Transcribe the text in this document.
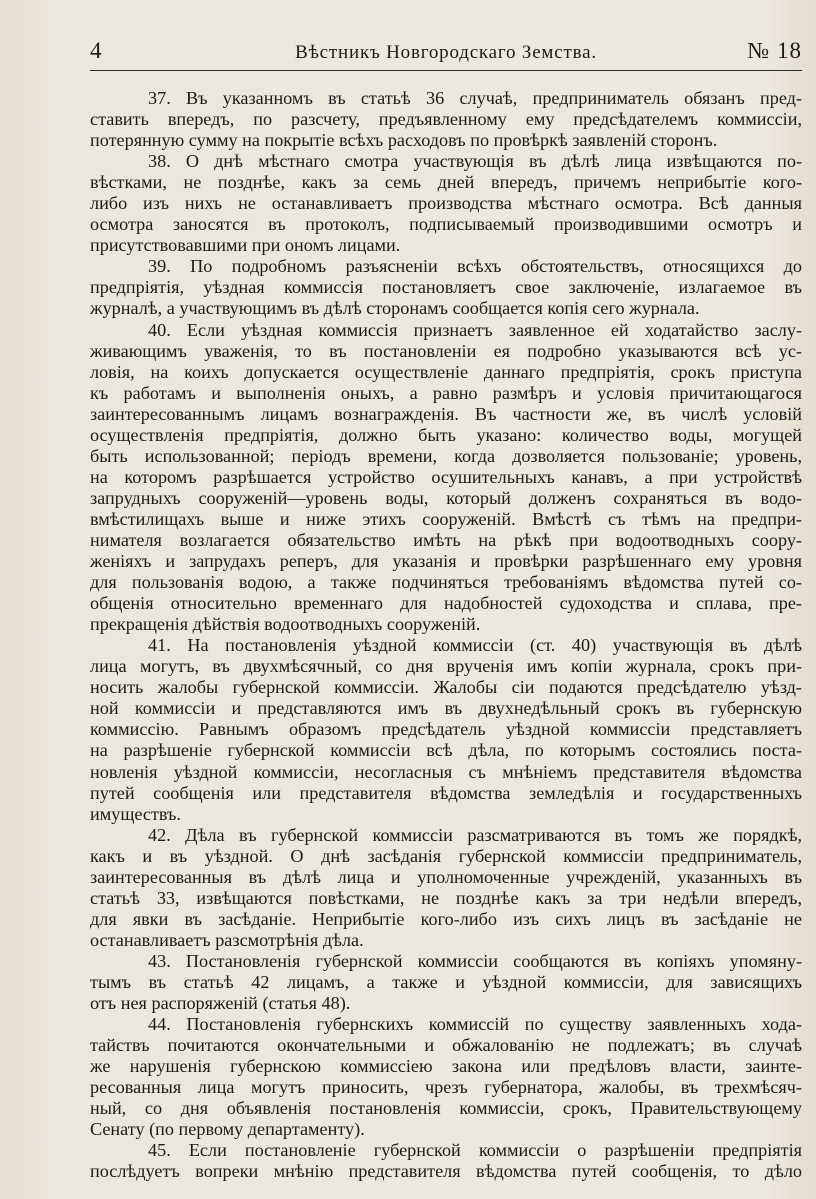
4	Вѣстникъ Новгородскаго Земства.	№ 18

37. Въ указанномъ въ статьѣ 36 случаѣ, предприниматель обязанъ пред-
ставить впередъ, по разсчету, предъявленному ему предсѣдателемъ коммиссіи,
потерянную сумму на покрытіе всѣхъ расходовъ по провѣркѣ заявленій сторонъ.

38. О днѣ мѣстнаго смотра участвующія въ дѣлѣ лица извѣщаются по-
вѣстками, не позднѣе, какъ за семь дней впередъ, причемъ неприбытіе кого-
либо изъ нихъ не останавливаетъ производства мѣстнаго осмотра. Всѣ данныя
осмотра заносятся въ протоколъ, подписываемый производившими осмотръ и
присутствовавшими при ономъ лицами.

39. По подробномъ разъясненіи всѣхъ обстоятельствъ, относящихся до
предпріятія, уѣздная коммиссія постановляетъ свое заключеніе, излагаемое въ
журналѣ, а участвующимъ въ дѣлѣ сторонамъ сообщается копія сего журнала.

40. Если уѣздная коммиссія признаетъ заявленное ей ходатайство заслу-
живающимъ уваженія, то въ постановленіи ея подробно указываются всѣ ус-
ловія, на коихъ допускается осуществленіе даннаго предпріятія, срокъ приступа
къ работамъ и выполненія оныхъ, а равно размѣръ и условія причитающагося
заинтересованнымъ лицамъ вознагражденія. Въ частности же, въ числѣ условій
осуществленія предпріятія, должно быть указано: количество воды, могущей
быть использованной; періодъ времени, когда дозволяется пользованіе; уровень,
на которомъ разрѣшается устройство осушительныхъ канавъ, а при устройствѣ
запрудныхъ сооруженій—уровень воды, который долженъ сохраняться въ водо-
вмѣстилищахъ выше и ниже этихъ сооруженій. Вмѣстѣ съ тѣмъ на предпри-
нимателя возлагается обязательство имѣть на рѣкѣ при водоотводныхъ соору-
женіяхъ и запрудахъ реперъ, для указанія и провѣрки разрѣшеннаго ему уровня
для пользованія водою, а также подчиняться требованіямъ вѣдомства путей со-
общенія относительно временнаго для надобностей судоходства и сплава, пре-
прекращенія дѣйствія водоотводныхъ сооруженій.

41. На постановленія уѣздной коммиссіи (ст. 40) участвующія въ дѣлѣ
лица могутъ, въ двухмѣсячный, со дня врученія имъ копіи журнала, срокъ при-
носить жалобы губернской коммиссіи. Жалобы сіи подаются предсѣдателю уѣзд-
ной коммиссіи и представляются имъ въ двухнедѣльный срокъ въ губернскую
коммиссію. Равнымъ образомъ предсѣдатель уѣздной коммиссіи представляетъ
на разрѣшеніе губернской коммиссіи всѣ дѣла, по которымъ состоялись поста-
новленія уѣздной коммиссіи, несогласныя съ мнѣніемъ представителя вѣдомства
путей сообщенія или представителя вѣдомства земледѣлія и государственныхъ
имуществъ.

42. Дѣла въ губернской коммиссіи разсматриваются въ томъ же порядкѣ,
какъ и въ уѣздной. О днѣ засѣданія губернской коммиссіи предприниматель,
заинтересованныя въ дѣлѣ лица и уполномоченные учрежденій, указанныхъ въ
статьѣ 33, извѣщаются повѣстками, не позднѣе какъ за три недѣли впередъ,
для явки въ засѣданіе. Неприбытіе кого-либо изъ сихъ лицъ въ засѣданіе не
останавливаетъ разсмотрѣнія дѣла.

43. Постановленія губернской коммиссіи сообщаются въ копіяхъ упомяну-
тымъ въ статьѣ 42 лицамъ, а также и уѣздной коммиссіи, для зависящихъ
отъ нея распоряженій (статья 48).

44. Постановленія губернскихъ коммиссій по существу заявленныхъ хода-
тайствъ почитаются окончательными и обжалованію не подлежатъ; въ случаѣ
же нарушенія губернскою коммиссіею закона или предѣловъ власти, заинте-
ресованныя лица могутъ приносить, чрезъ губернатора, жалобы, въ трехмѣсяч-
ный, со дня объявленія постановленія коммиссіи, срокъ, Правительствующему
Сенату (по первому департаменту).

45. Если постановленіе губернской коммиссіи о разрѣшеніи предпріятія
послѣдуетъ вопреки мнѣнію представителя вѣдомства путей сообщенія, то дѣло
